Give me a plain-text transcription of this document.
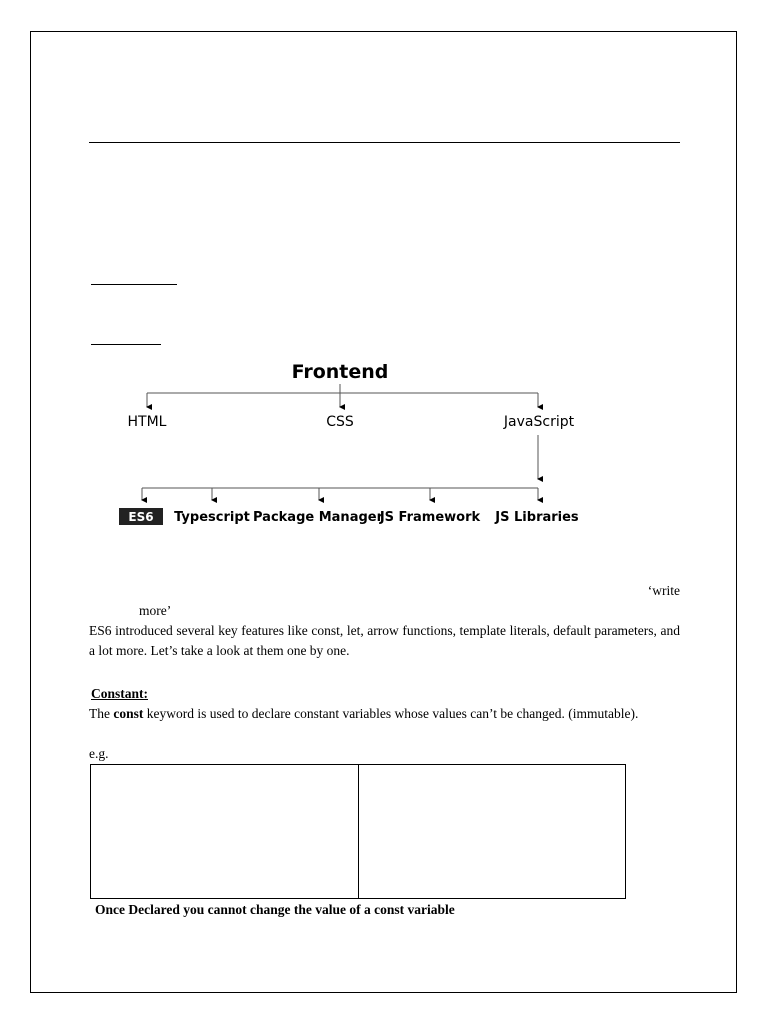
Frontend
HTML	CSS	JavaScript
ES6 Typescript Package Manager
JS Framework JS Libraries
‘write
more’
ES6 introduced several key features like const, let, arrow functions, template literals, default parameters, and a lot more. Let’s take a look at them one by one.
Constant:
The const keyword is used to declare constant variables whose values can’t be changed. (immutable).
e.g.
Once Declared you cannot change the value of a const variable
